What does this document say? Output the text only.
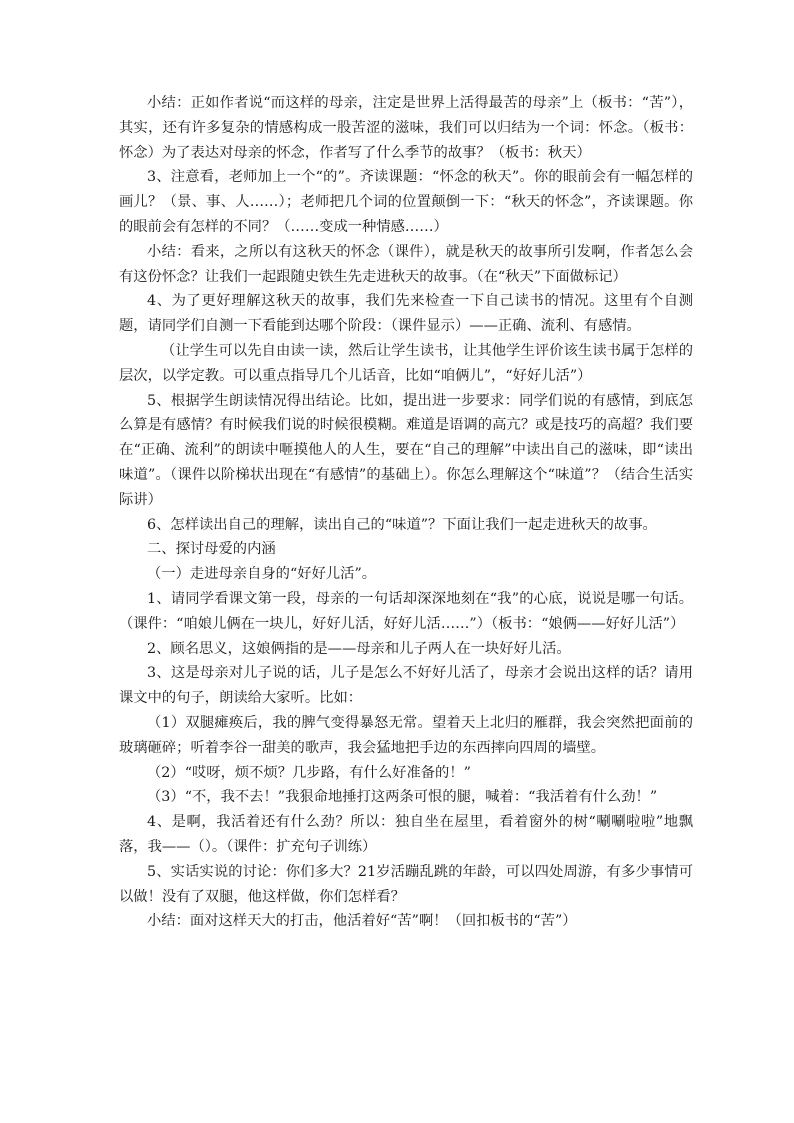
小结：正如作者说“而这样的母亲，注定是世界上活得最苦的母亲”上（板书：“苦”），其实，还有许多复杂的情感构成一股苦涩的滋味，我们可以归结为一个词：怀念。（板书：怀念）为了表达对母亲的怀念，作者写了什么季节的故事？（板书：秋天）

3、注意看，老师加上一个“的”。齐读课题：“怀念的秋天”。你的眼前会有一幅怎样的画儿？（景、事、人……）；老师把几个词的位置颠倒一下：“秋天的怀念”，齐读课题。你的眼前会有怎样的不同？（……变成一种情感……）

小结：看来，之所以有这秋天的怀念（课件），就是秋天的故事所引发啊，作者怎么会有这份怀念？让我们一起跟随史铁生先走进秋天的故事。（在“秋天”下面做标记）

4、为了更好理解这秋天的故事，我们先来检查一下自己读书的情况。这里有个自测题，请同学们自测一下看能到达哪个阶段：（课件显示）——正确、流利、有感情。

（让学生可以先自由读一读，然后让学生读书，让其他学生评价该生读书属于怎样的层次，以学定教。可以重点指导几个儿话音，比如“咱俩儿”，“好好儿活”）

5、根据学生朗读情况得出结论。比如，提出进一步要求：同学们说的有感情，到底怎么算是有感情？有时候我们说的时候很模糊。难道是语调的高亢？或是技巧的高超？我们要在“正确、流利”的朗读中咂摸他人的人生，要在“自己的理解”中读出自己的滋味，即“读出味道”。（课件以阶梯状出现在“有感情”的基础上）。你怎么理解这个“味道”？（结合生活实际讲）

6、怎样读出自己的理解，读出自己的“味道”？下面让我们一起走进秋天的故事。

二、探讨母爱的内涵

（一）走进母亲自身的“好好儿活”。

1、请同学看课文第一段，母亲的一句话却深深地刻在“我”的心底，说说是哪一句话。（课件：“咱娘儿俩在一块儿，好好儿活，好好儿活……”）（板书：“娘俩——好好儿活”）

2、顾名思义，这娘俩指的是——母亲和儿子两人在一块好好儿活。

3、这是母亲对儿子说的话，儿子是怎么不好好儿活了，母亲才会说出这样的话？请用课文中的句子，朗读给大家听。比如：

（1）双腿瘫痪后，我的脾气变得暴怒无常。望着天上北归的雁群，我会突然把面前的玻璃砸碎；听着李谷一甜美的歌声，我会猛地把手边的东西摔向四周的墙壁。

（2）“哎呀，烦不烦？几步路，有什么好准备的！”

（3）“不，我不去！”我狠命地捶打这两条可恨的腿，喊着：“我活着有什么劲！”

4、是啊，我活着还有什么劲？所以：独自坐在屋里，看着窗外的树“唰唰啦啦”地飘落，我——（）。（课件：扩充句子训练）

5、实话实说的讨论：你们多大？21岁活蹦乱跳的年龄，可以四处周游，有多少事情可以做！没有了双腿，他这样做，你们怎样看？

小结：面对这样天大的打击，他活着好“苦”啊！（回扣板书的“苦”）
